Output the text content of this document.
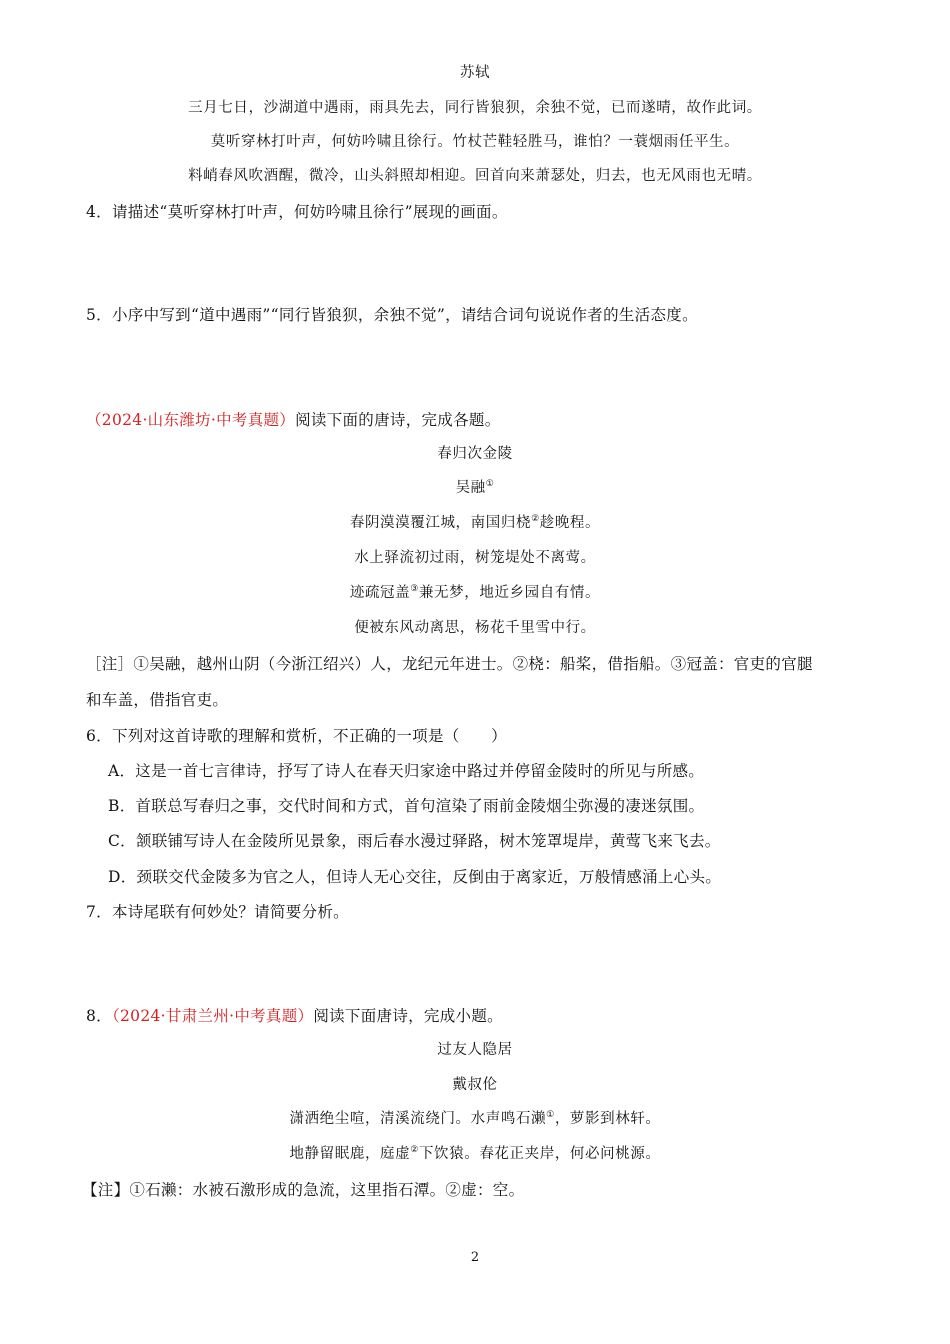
苏轼
三月七日，沙湖道中遇雨，雨具先去，同行皆狼狈，余独不觉，已而遂晴，故作此词。
莫听穿林打叶声，何妨吟啸且徐行。竹杖芒鞋轻胜马，谁怕？一蓑烟雨任平生。
料峭春风吹酒醒，微冷，山头斜照却相迎。回首向来萧瑟处，归去，也无风雨也无晴。
4．请描述“莫听穿林打叶声，何妨吟啸且徐行”展现的画面。
5．小序中写到“道中遇雨”“同行皆狼狈，余独不觉”，请结合词句说说作者的生活态度。
（2024·山东潍坊·中考真题）阅读下面的唐诗，完成各题。
春归次金陵
吴融①
春阴漠漠覆江城，南国归桡②趁晚程。
水上驿流初过雨，树笼堤处不离莺。
迹疏冠盖③兼无梦，地近乡园自有情。
便被东风动离思，杨花千里雪中行。
［注］①吴融，越州山阴（今浙江绍兴）人，龙纪元年进士。②桡：船桨，借指船。③冠盖：官吏的官腿
和车盖，借指官吏。
6．下列对这首诗歌的理解和赏析，不正确的一项是（　　）
A．这是一首七言律诗，抒写了诗人在春天归家途中路过并停留金陵时的所见与所感。
B．首联总写春归之事，交代时间和方式，首句渲染了雨前金陵烟尘弥漫的凄迷氛围。
C．颔联铺写诗人在金陵所见景象，雨后春水漫过驿路，树木笼罩堤岸，黄莺飞来飞去。
D．颈联交代金陵多为官之人，但诗人无心交往，反倒由于离家近，万般情感涌上心头。
7．本诗尾联有何妙处？请简要分析。
8．（2024·甘肃兰州·中考真题）阅读下面唐诗，完成小题。
过友人隐居
戴叔伦
潇洒绝尘喧，清溪流绕门。水声鸣石濑①，萝影到林轩。
地静留眠鹿，庭虚②下饮猿。春花正夹岸，何必问桃源。
【注】①石濑：水被石激形成的急流，这里指石潭。②虚：空。
2
